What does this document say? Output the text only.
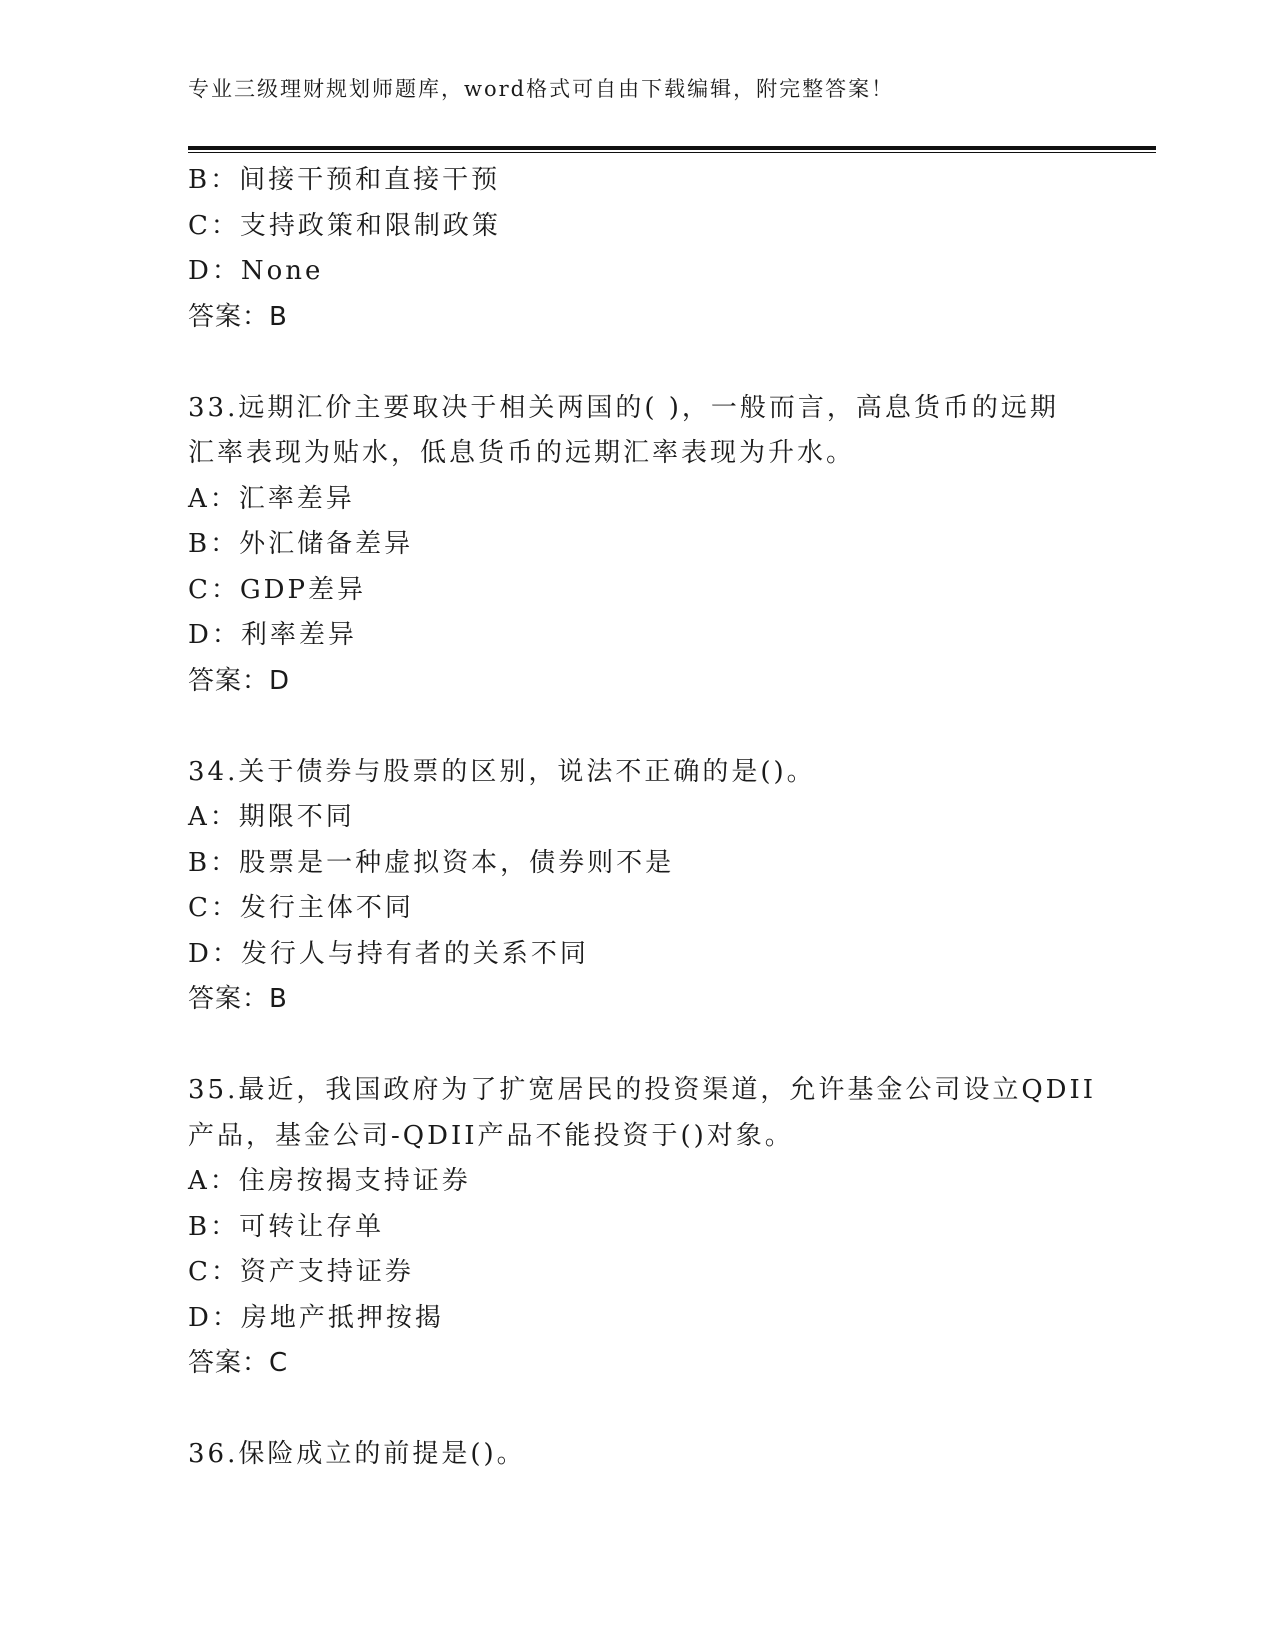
专业三级理财规划师题库，word格式可自由下载编辑，附完整答案！
B：间接干预和直接干预
C：支持政策和限制政策
D：None
答案：B
33.远期汇价主要取决于相关两国的( )，一般而言，高息货币的远期
汇率表现为贴水，低息货币的远期汇率表现为升水。
A：汇率差异
B：外汇储备差异
C：GDP差异
D：利率差异
答案：D
34.关于债券与股票的区别，说法不正确的是()。
A：期限不同
B：股票是一种虚拟资本，债券则不是
C：发行主体不同
D：发行人与持有者的关系不同
答案：B
35.最近，我国政府为了扩宽居民的投资渠道，允许基金公司设立QDII
产品，基金公司-QDII产品不能投资于()对象。
A：住房按揭支持证券
B：可转让存单
C：资产支持证券
D：房地产抵押按揭
答案：C
36.保险成立的前提是()。
